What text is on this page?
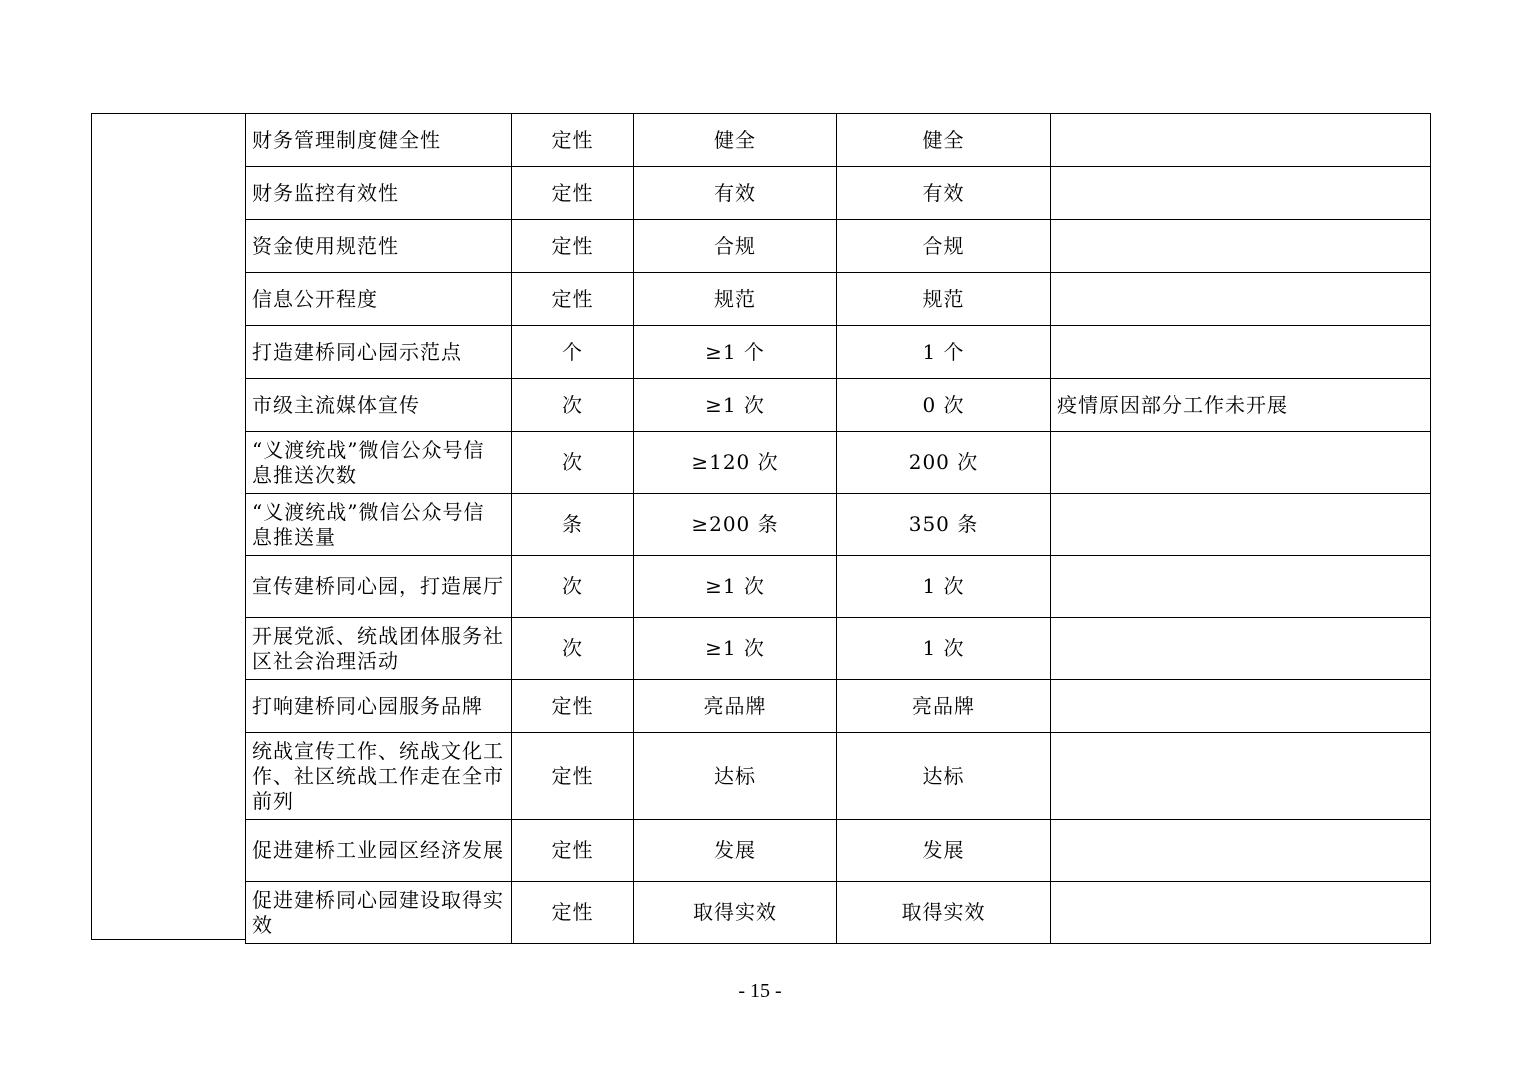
财务管理制度健全性	定性	健全	健全	
财务监控有效性	定性	有效	有效	
资金使用规范性	定性	合规	合规	
信息公开程度	定性	规范	规范	
打造建桥同心园示范点	个	≥1 个	1 个	
市级主流媒体宣传	次	≥1 次	0 次	疫情原因部分工作未开展
“义渡统战”微信公众号信息推送次数	次	≥120 次	200 次	
“义渡统战”微信公众号信息推送量	条	≥200 条	350 条	
宣传建桥同心园，打造展厅	次	≥1 次	1 次	
开展党派、统战团体服务社区社会治理活动	次	≥1 次	1 次	
打响建桥同心园服务品牌	定性	亮品牌	亮品牌	
统战宣传工作、统战文化工作、社区统战工作走在全市前列	定性	达标	达标	
促进建桥工业园区经济发展	定性	发展	发展	
促进建桥同心园建设取得实效	定性	取得实效	取得实效	
- 15 -
